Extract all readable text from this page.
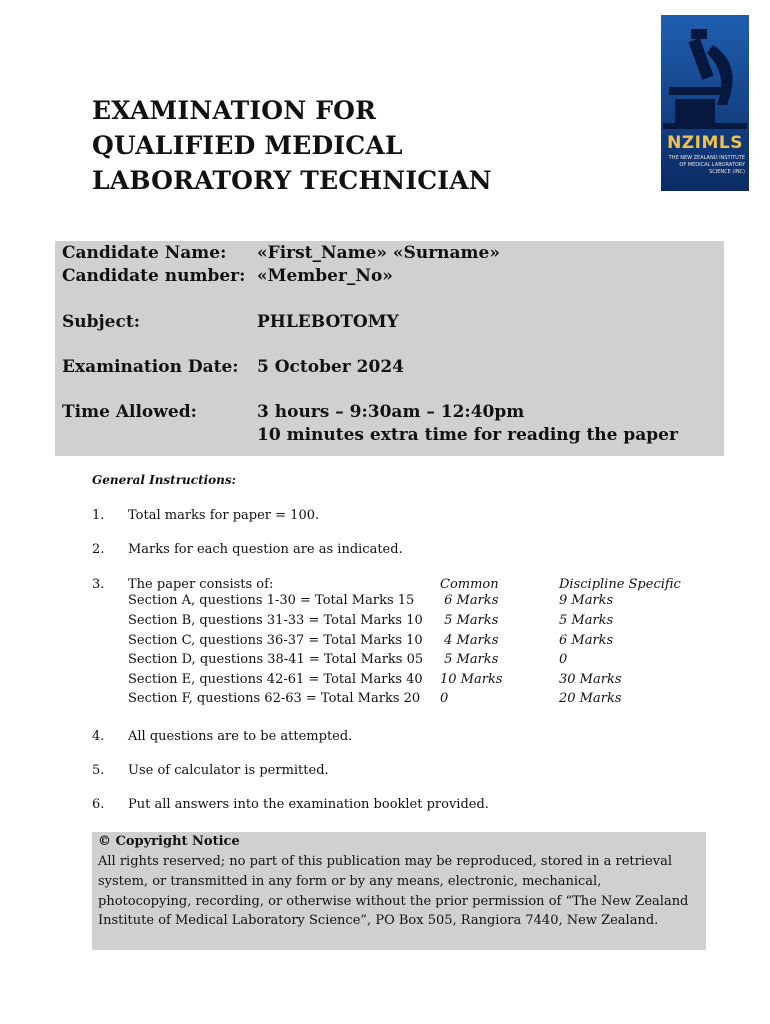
EXAMINATION FOR
QUALIFIED MEDICAL
LABORATORY TECHNICIAN
NZIMLS
THE NEW ZEALAND INSTITUTE OF MEDICAL LABORATORY SCIENCE (INC)
Candidate Name: «First_Name» «Surname»
Candidate number: «Member_No»
Subject:	PHLEBOTOMY
Examination Date: 5 October 2024
Time Allowed:	3 hours – 9:30am – 12:40pm
10 minutes extra time for reading the paper
General Instructions:
1. Total marks for paper = 100.
2. Marks for each question are as indicated.
3. The paper consists of:	Common	Discipline Specific
Section A, questions 1-30 = Total Marks 15 6 Marks	9 Marks
Section B, questions 31-33 = Total Marks 10 5 Marks	5 Marks
Section C, questions 36-37 = Total Marks 10 4 Marks	6 Marks
Section D, questions 38-41 = Total Marks 05 5 Marks	0
Section E, questions 42-61 = Total Marks 40 10 Marks	30 Marks
Section F, questions 62-63 = Total Marks 20 0	20 Marks
4. All questions are to be attempted.
5. Use of calculator is permitted.
6. Put all answers into the examination booklet provided.
© Copyright Notice
All rights reserved; no part of this publication may be reproduced, stored in a retrieval system, or transmitted in any form or by any means, electronic, mechanical, photocopying, recording, or otherwise without the prior permission of “The New Zealand Institute of Medical Laboratory Science”, PO Box 505, Rangiora 7440, New Zealand.
